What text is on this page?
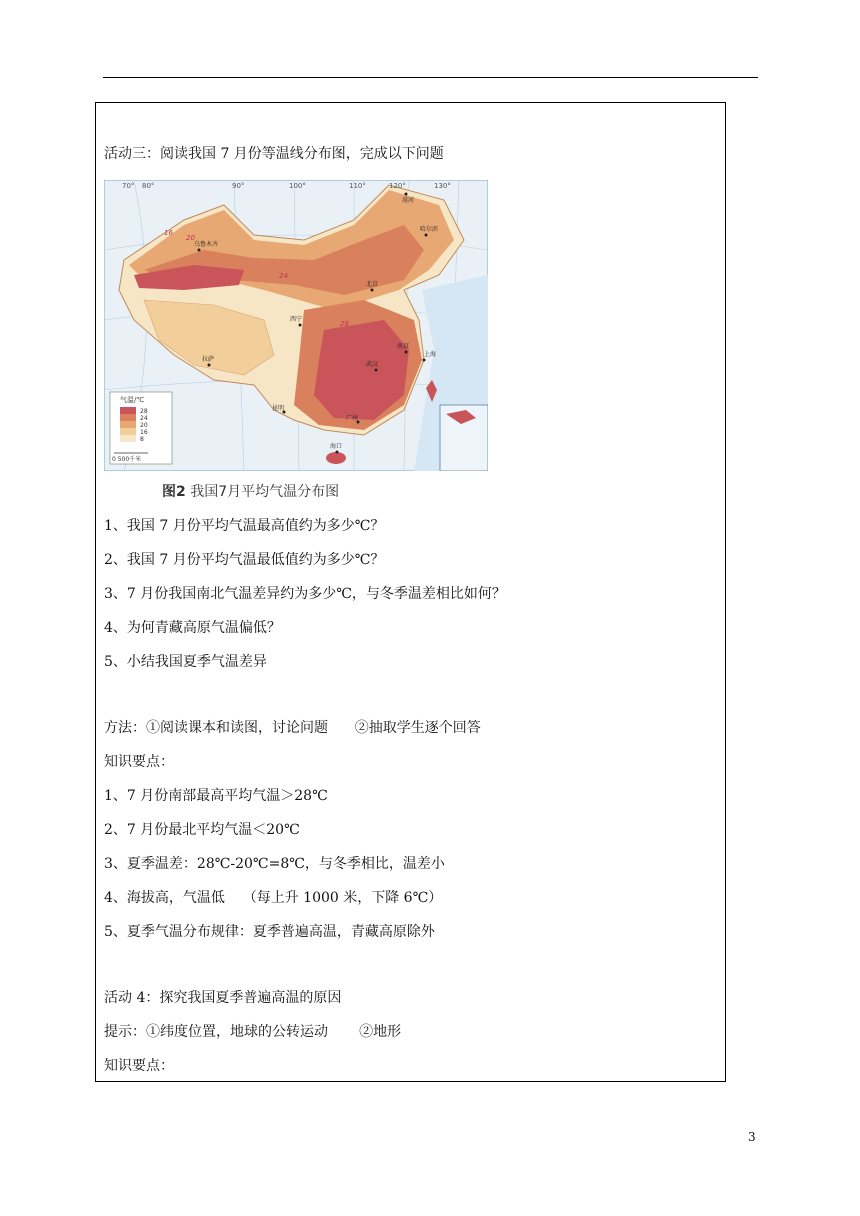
活动三：阅读我国 7 月份等温线分布图，完成以下问题
气温/℃
28
24
20
16
8
0 500千米
70° 80°	90°	100°	110°	120°	130°
乌鲁木齐
拉萨
昆明
北京
武汉
上海
南京
广州
海口
哈尔滨
漠河
西宁
28
24
20
16
图2 我国7月平均气温分布图
1、我国 7 月份平均气温最高值约为多少℃？
2、我国 7 月份平均气温最低值约为多少℃？
3、7 月份我国南北气温差异约为多少℃，与冬季温差相比如何？
4、为何青藏高原气温偏低？
5、小结我国夏季气温差异
方法：①阅读课本和读图，讨论问题      ②抽取学生逐个回答
知识要点：
1、7 月份南部最高平均气温＞28℃
2、7 月份最北平均气温＜20℃
3、夏季温差：28℃-20℃=8℃，与冬季相比，温差小
4、海拔高，气温低    （每上升 1000 米，下降 6℃）
5、夏季气温分布规律：夏季普遍高温，青藏高原除外
活动 4：探究我国夏季普遍高温的原因
提示：①纬度位置，地球的公转运动       ②地形
知识要点：
3
